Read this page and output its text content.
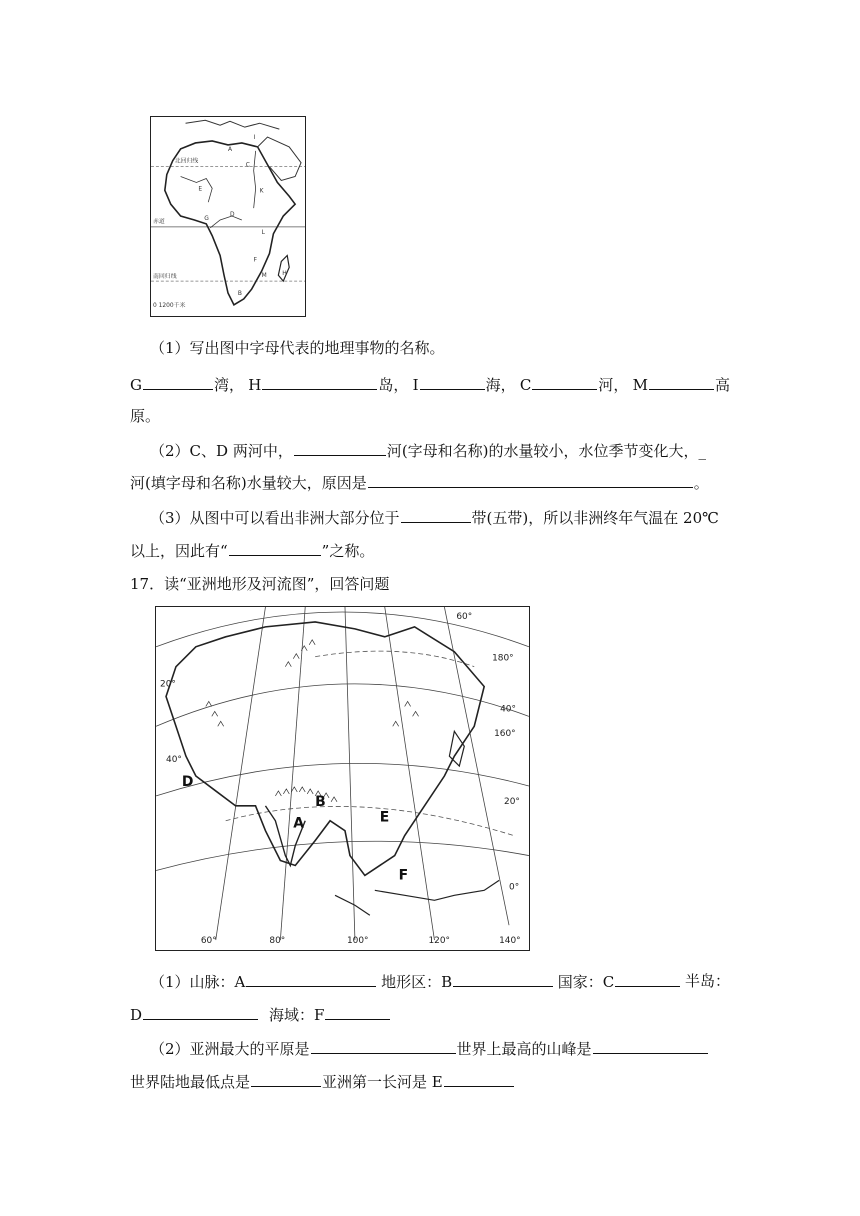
北回归线
赤道
南回归线
0 1200千米
A
B
C
D
E
F
G
H
I
K
L
M
（1）写出图中字母代表的地理事物的名称。
G	湾， H	岛， I	海， C	河， M	高
原。
（2）C、D 两河中，	河(字母和名称)的水量较小，水位季节变化大，_
河(填字母和名称)水量较大，原因是	。
（3）从图中可以看出非洲大部分位于	带(五带)，所以非洲终年气温在 20℃
以上，因此有“	”之称。
17．读“亚洲地形及河流图”，回答问题
A
B
D
E
F
60°
40°
20°
0°
180°
160°
40°
20°
60°	80°	100°	120°	140°
（1）山脉：A	地形区：B	国家：C	半岛：
D	海域：F
（2）亚洲最大的平原是	世界上最高的山峰是
世界陆地最低点是	亚洲第一长河是 E
